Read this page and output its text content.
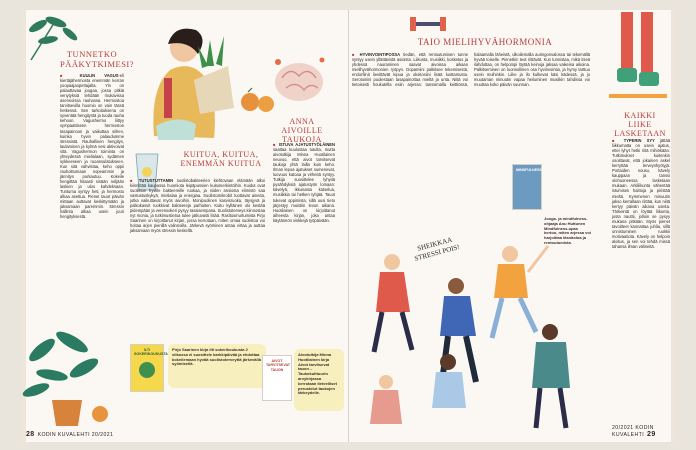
TUNNETKO PÄÄKYTKIMESI?
■ KUULIN VAGUS-eli kiertäjähermosta enemmän kerran yoopaajaopettajalta. Yin on palauttavaa joogaa, jossa pitkiä venytyksiä tehdään mukavissa asennoissa rauhassa. Hermostoa tarvitsevilla huomio on vain tässä hetkessä. Sen tarkoituksena on syventää hengitystä ja tuoda rauha kehoon. Vagushermo liittyy sympaattiseen hermoston tasapainoon ja vaikuttaa siihen, kuinka hyvin palaudumme stressistä. Rauhallinen hengitys, laulaminen ja kylmä vesi aktivoivat sitä. Vagushermon toiminta on yhteydessä mielialaan, sydämen sykkeeseen ja ruoansulatukseen. Kun sitä vahvistaa, keho oppii rauhoittumaan nopeammin ja jännitys purkautuu. Kokeile hengittää hitaasti sisään neljään laskien ja ulos kahdeksaan. Tuntuma syntyy heti, ja hermosto alkaa asettua. Pienet tauot päivän mittaan auttavat keskittymään ja jaksamaan paremmin. Stressin hallinta alkaa usein juuri hengityksestä.
KUITUA, KUITUA, ENEMMÄN KUITUA
■ TUTUSTUTTAMIN suolistobakteerien kiehtovaan elämään alkoi kiinnittää kaupassa huomiota leipäpussien kuitumerkintöihin. Kuidut ovat suoliston hyville bakteereille ruokaa, ja niiden ansiosta elimistö saa vastustuskykyä, mielialaa ja energiaa. Suolistomikrobit tuottavat aineita, jotka vaikuttavat myös aivoihin. Monipuolinen kasvisruoka, täysjyvä ja palkokasvit ruokkivat bakteereja parhaiten. Kuitu kylläinen olo kestää pidempään ja verensokeri pysyy tasaisempana. Suolistoterveys kiinnostaa nyt monia, ja tutkimustietoa tulee jatkuvasti lisää. Rasitusmurtumista Pirjo Saarinen on kirjoittanut kirjan, jossa kerrotaan, miten omaa suolistoa voi hoitaa arjen pienillä valinnoilla. Järkevä syöminen antaa virtaa ja auttaa jaksamaan myös stressin keskellä.
ILTI SOKERIKOUKUSTA
Pirjo Saarinen kirja ilti sokerikoukusta 2 viikossa ei suosittele karkkipäivää ja ehdottaa kokeilemaan hyvää suolistoterveyttä järkevällä syömisellä.
ANNA AIVOILLE TAUKOJA
■ ISTUVA AJATUSTYÖLÄINEN saattaa kuulostaa tutulta, mutta aivotutkija Minna Huotilainen neuvoo, että aivot tarvitsevat taukoja yhtä lailla kuin keho. Ilman lepoa ajatukset sumenevat, luovuus katoaa ja virheitä syntyy. Tutkija suosittelee lyhyitä pysähdyksiä ajatustyön lomaan: kävelyä, ikkunasta katselua, musiikkia tai hetken tyhjää. Tauot tukevat oppimista, sillä uusi tieto järjestyy muistiin levon aikana. Huotilainen on kirjoittanut aiheesta kirjan, joka antaa käytännön vinkkejä työpäivään.
AIVOT TARVITSEVAT TAUON
Aivotutkija Minna Huotilainen kirja Aivot tarvitsevat tauon – Taukokulttuurin arvykirjassa kerrotaan tieteelliset perustelut taukojen tärkeydelle.
28 KODIN KUVALEHTI 20/2021
TAIO MIELIHYVÄHORMONIA
■ HYVINVOINTIPOSSA tiedän, että rentoutumisen tunne syntyy usein yllättävistä asioista. Liikunta, musiikki, kosketus ja yhdessä nauraminen saavat aivoissa aikaan mielihyvähormonien ryöpyn. Dopamiini palkitsee tekemisestä, endorfiinit lievittävät kipua ja oksitosiini lisää luottamusta. Serotoniini puolestaan tasapainottaa mieltä ja unta. Niitä voi tietoisesti houkutella esiin arjessa: tanssimalla keittiössä, halaamalla läheistä, ulkoilemalla auringonvalossa tai tekemällä hyvää toiselle. Pienetkin teot riittävät. Kun tunnistaa, mikä itseä ilahduttaa, on helpompi löytää keinoja jaksaa vaikeina aikoina. Palkitseminen on luonnollinen osa hyvinvointia, ja hymy tarttuu usein muihinkin. Liike ja ilo kulkevat käsi kädessä, ja jo muutaman minuutin vapaa heiluminen musiikin tahdissa voi muuttaa koko päivän suunnan.
MINDFULNESS
Jooga- ja mindfulness-ohjaaja Anu Huttunen Mindfulness-opas kertoo, miten arjessa voi harjoittaa läsnäoloa ja rentoutumista.
SHEIKKAA STRESSI POIS!
KAIKKI LIIKE LASKETAAN
■ TYPERIN SYY jättää liikkumatta on usein ajatus, ettei lyhyt hetki riitä mihinkään. Tutkimukset kuitenkin osoittavat, että jokainen askel kerryttää terveyshyötyjä. Portaiden nousu, kävely kauppaan ja tanssi olohuoneessa lasketaan mukaan. Arkiliikunta vähentää istumisen haittoja ja piristää mieltä. Kymmenen minuutin jakso kerrallaan riittää, kun niitä kertyy päivän aikana useita. Tärkeintä on löytää liikunta, josta nauttii, jolloin se pysyy mukana pitkään. Myös pienet tavoitteet kannattaa juhlia, sillä onnistuminen ruokkii motivaatiota. Kävely on helpoin aloitus, ja sen voi tehdä missä tahansa ilman välineitä.
20/2021 KODIN KUVALEHTI 29
